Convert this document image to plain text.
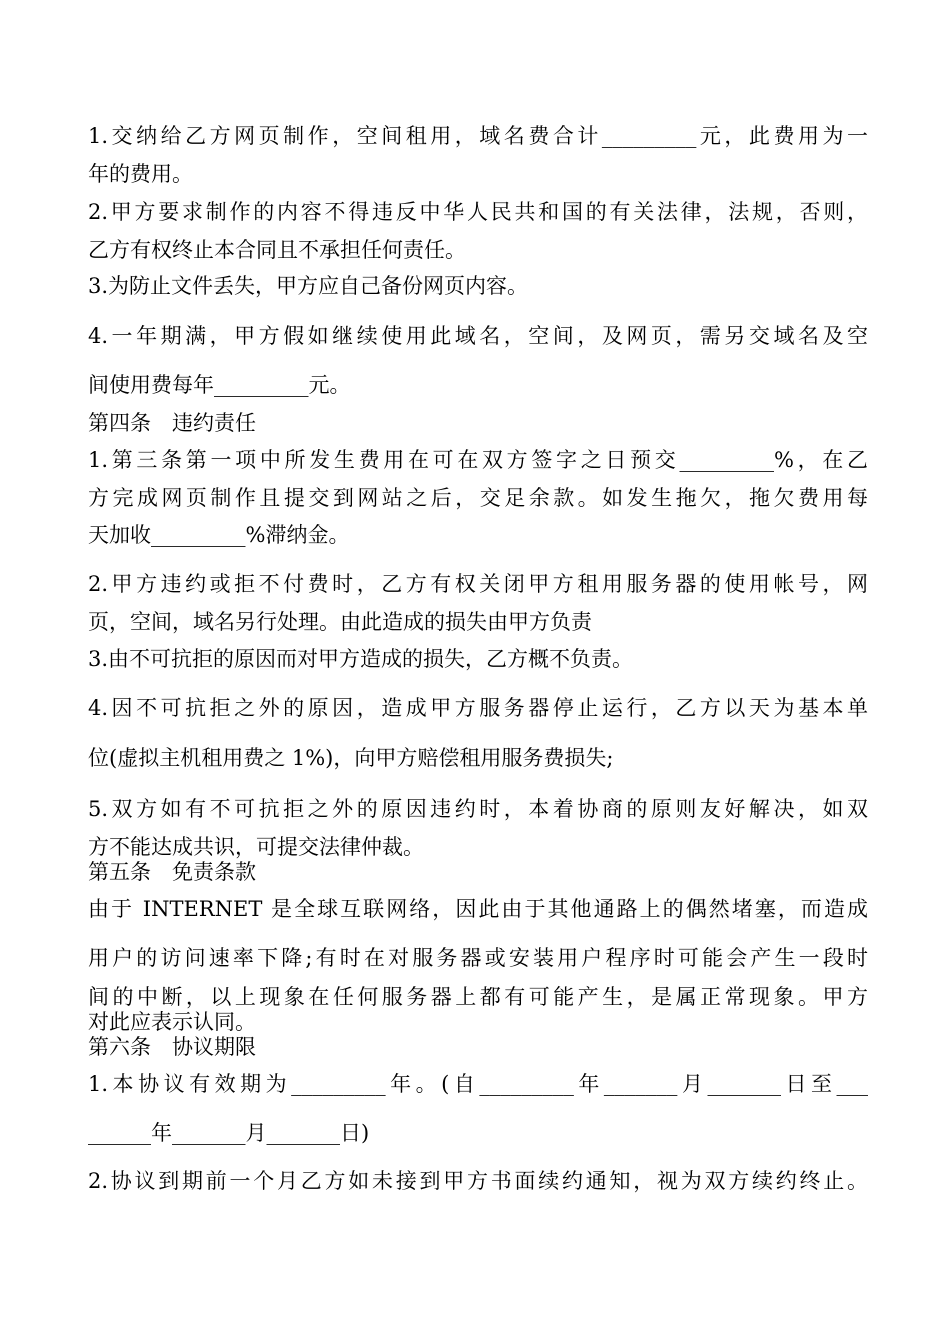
1.交纳给乙方网页制作，空间租用，域名费合计_________元，此费用为一
年的费用。
2.甲方要求制作的内容不得违反中华人民共和国的有关法律，法规，否则，
乙方有权终止本合同且不承担任何责任。
3.为防止文件丢失，甲方应自己备份网页内容。
4.一年期满，甲方假如继续使用此域名，空间，及网页，需另交域名及空
间使用费每年_________元。
第四条　违约责任
1.第三条第一项中所发生费用在可在双方签字之日预交_________%，在乙
方完成网页制作且提交到网站之后，交足余款。如发生拖欠，拖欠费用每
天加收_________%滞纳金。
2.甲方违约或拒不付费时，乙方有权关闭甲方租用服务器的使用帐号，网
页，空间，域名另行处理。由此造成的损失由甲方负责
3.由不可抗拒的原因而对甲方造成的损失，乙方概不负责。
4.因不可抗拒之外的原因，造成甲方服务器停止运行，乙方以天为基本单
位(虚拟主机租用费之 1%)，向甲方赔偿租用服务费损失;
5.双方如有不可抗拒之外的原因违约时，本着协商的原则友好解决，如双
方不能达成共识，可提交法律仲裁。
第五条　免责条款
由于 INTERNET 是全球互联网络，因此由于其他通路上的偶然堵塞，而造成
用户的访问速率下降;有时在对服务器或安装用户程序时可能会产生一段时
间的中断，以上现象在任何服务器上都有可能产生，是属正常现象。甲方
对此应表示认同。
第六条　协议期限
1.本协议有效期为_________年。(自_________年_______月_______日至___
______年_______月_______日)
2.协议到期前一个月乙方如未接到甲方书面续约通知，视为双方续约终止。
